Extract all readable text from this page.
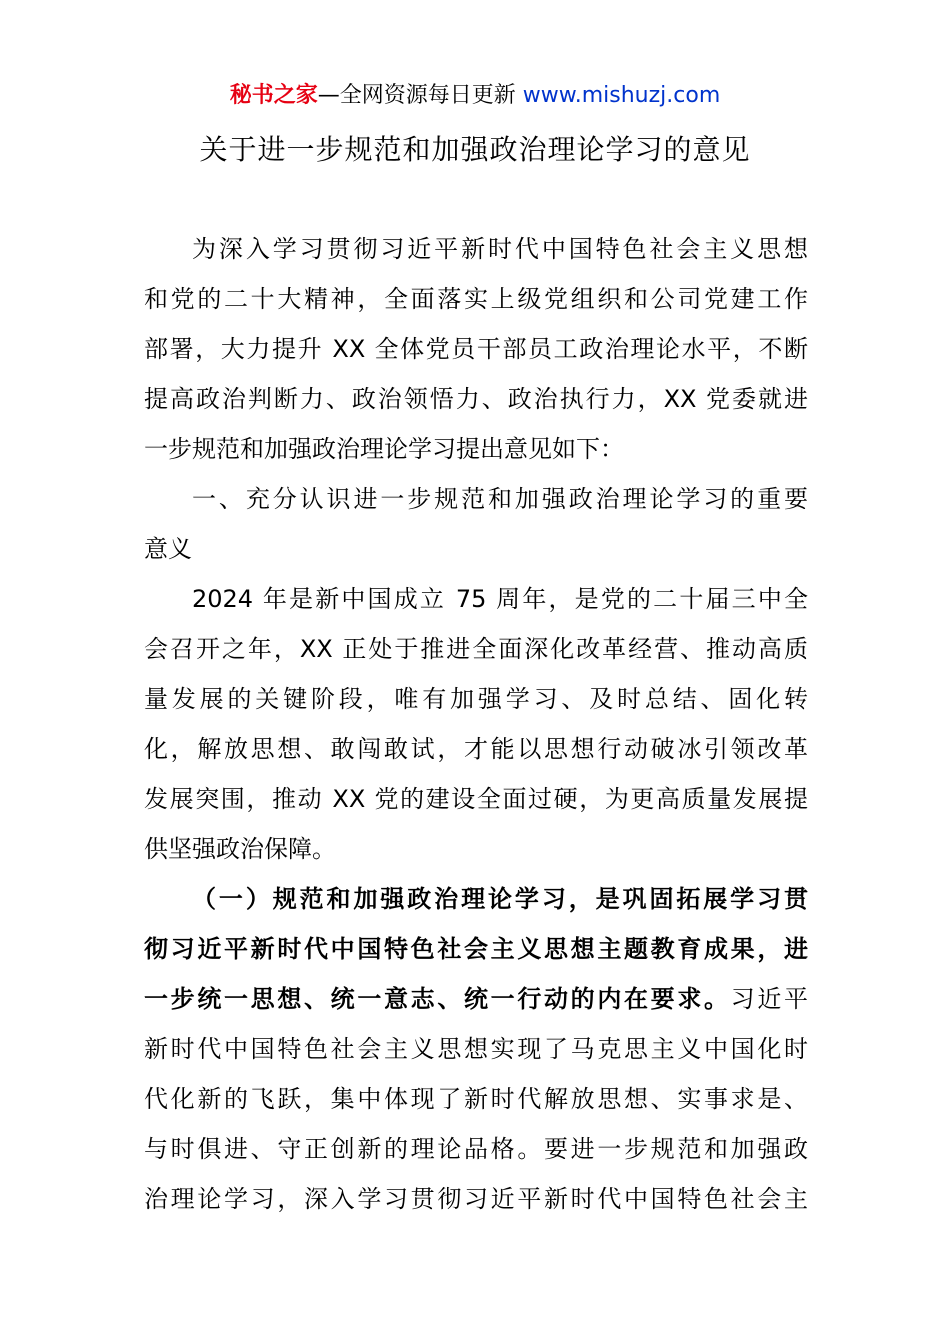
秘书之家—全网资源每日更新 www.mishuzj.com
关于进一步规范和加强政治理论学习的意见
为深入学习贯彻习近平新时代中国特色社会主义思想
和党的二十大精神，全面落实上级党组织和公司党建工作
部署，大力提升 XX 全体党员干部员工政治理论水平，不断
提高政治判断力、政治领悟力、政治执行力，XX 党委就进
一步规范和加强政治理论学习提出意见如下：
一、充分认识进一步规范和加强政治理论学习的重要
意义
2024 年是新中国成立 75 周年，是党的二十届三中全
会召开之年，XX 正处于推进全面深化改革经营、推动高质
量发展的关键阶段，唯有加强学习、及时总结、固化转
化，解放思想、敢闯敢试，才能以思想行动破冰引领改革
发展突围，推动 XX 党的建设全面过硬，为更高质量发展提
供坚强政治保障。
（一）规范和加强政治理论学习，是巩固拓展学习贯
彻习近平新时代中国特色社会主义思想主题教育成果，进
一步统一思想、统一意志、统一行动的内在要求。习近平
新时代中国特色社会主义思想实现了马克思主义中国化时
代化新的飞跃，集中体现了新时代解放思想、实事求是、
与时俱进、守正创新的理论品格。要进一步规范和加强政
治理论学习，深入学习贯彻习近平新时代中国特色社会主
